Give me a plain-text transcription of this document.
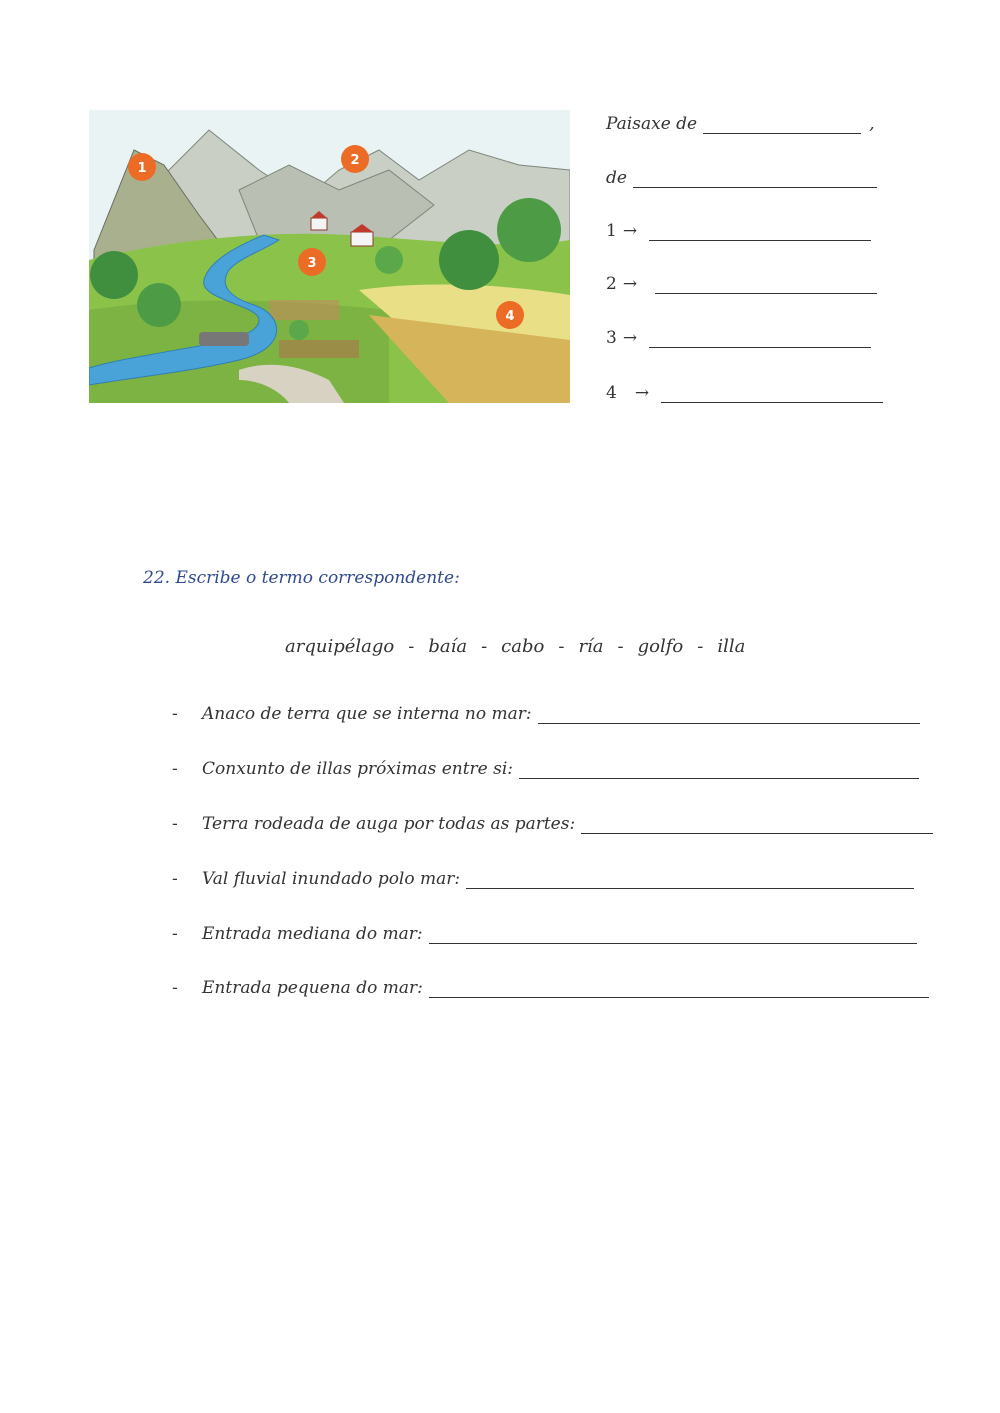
1
2
3
4
Paisaxe de	,
de
1 →
2 →
3 →
4 →
22. Escribe o termo correspondente:
arquipélago - baía - cabo - ría - golfo - illa
-	Anaco de terra que se interna no mar:
-	Conxunto de illas próximas entre si:
-	Terra rodeada de auga por todas as partes:
-	Val fluvial inundado polo mar:
-	Entrada mediana do mar:
-	Entrada pequena do mar:
